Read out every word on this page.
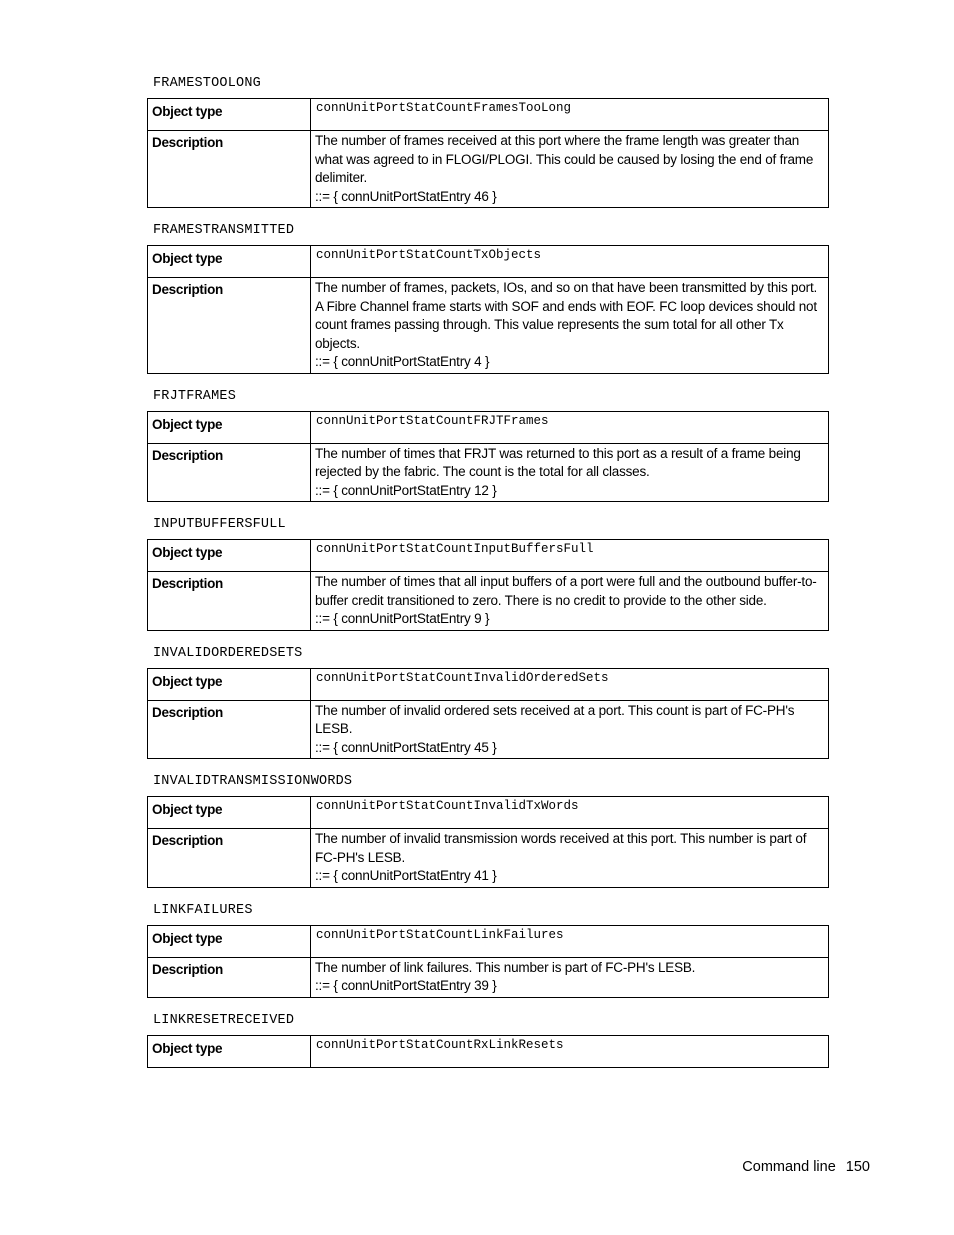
FRAMESTOOLONG
Object type	connUnitPortStatCountFramesTooLong
Description	The number of frames received at this port where the frame length was greater than what was agreed to in FLOGI/PLOGI. This could be caused by losing the end of frame delimiter.
::= { connUnitPortStatEntry 46 }
FRAMESTRANSMITTED
Object type	connUnitPortStatCountTxObjects
Description	The number of frames, packets, IOs, and so on that have been transmitted by this port. A Fibre Channel frame starts with SOF and ends with EOF. FC loop devices should not count frames passing through. This value represents the sum total for all other Tx objects.
::= { connUnitPortStatEntry 4 }
FRJTFRAMES
Object type	connUnitPortStatCountFRJTFrames
Description	The number of times that FRJT was returned to this port as a result of a frame being rejected by the fabric. The count is the total for all classes.
::= { connUnitPortStatEntry 12 }
INPUTBUFFERSFULL
Object type	connUnitPortStatCountInputBuffersFull
Description	The number of times that all input buffers of a port were full and the outbound buffer-to-buffer credit transitioned to zero. There is no credit to provide to the other side.
::= { connUnitPortStatEntry 9 }
INVALIDORDEREDSETS
Object type	connUnitPortStatCountInvalidOrderedSets
Description	The number of invalid ordered sets received at a port. This count is part of FC-PH's LESB.
::= { connUnitPortStatEntry 45 }
INVALIDTRANSMISSIONWORDS
Object type	connUnitPortStatCountInvalidTxWords
Description	The number of invalid transmission words received at this port. This number is part of FC-PH's LESB.
::= { connUnitPortStatEntry 41 }
LINKFAILURES
Object type	connUnitPortStatCountLinkFailures
Description	The number of link failures. This number is part of FC-PH's LESB.
::= { connUnitPortStatEntry 39 }
LINKRESETRECEIVED
Object type	connUnitPortStatCountRxLinkResets
Command line 150
